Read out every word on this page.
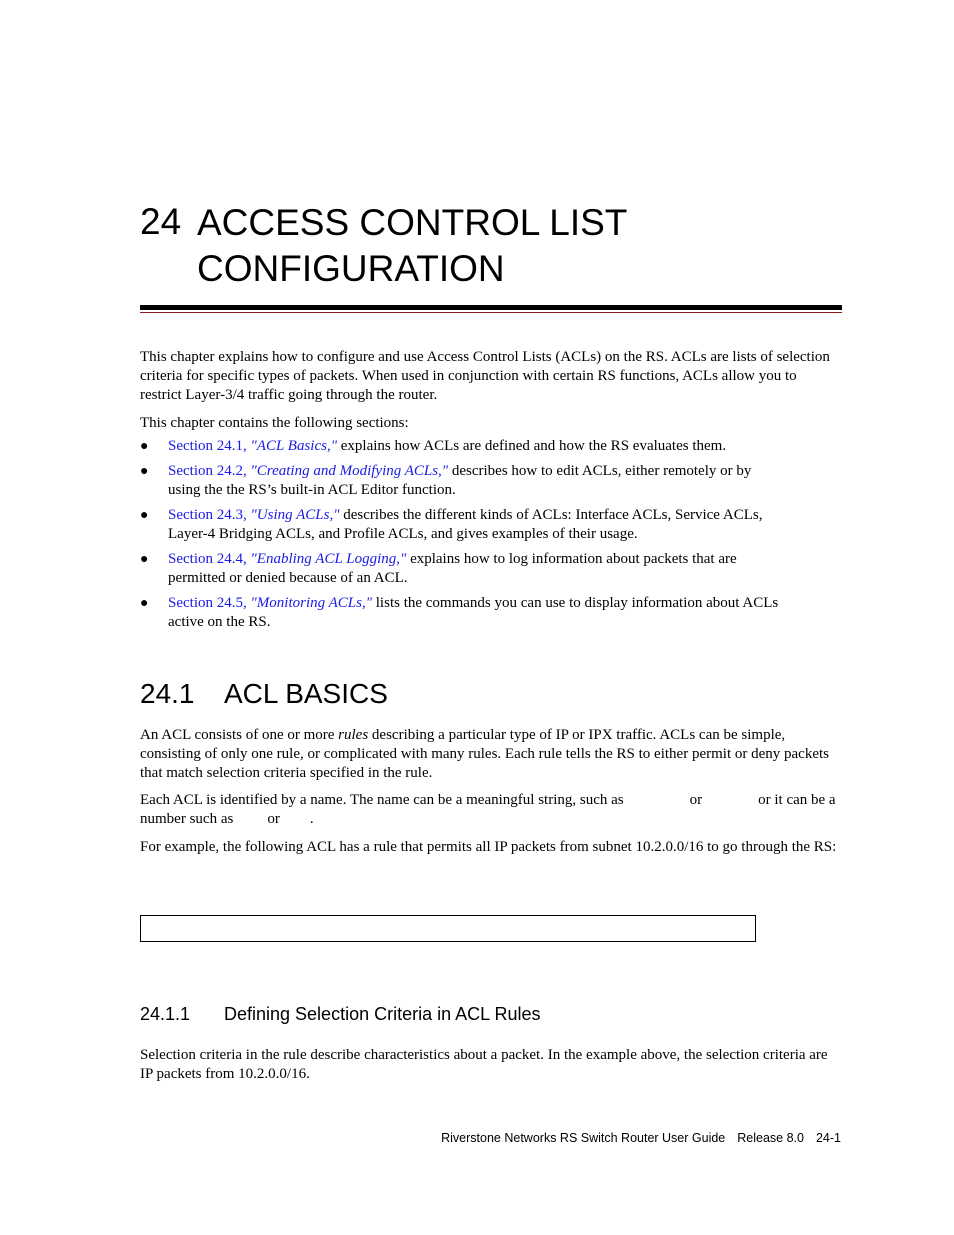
24 ACCESS CONTROL LIST
CONFIGURATION

This chapter explains how to configure and use Access Control Lists (ACLs) on the RS. ACLs are lists of selection criteria for specific types of packets. When used in conjunction with certain RS functions, ACLs allow you to restrict Layer-3/4 traffic going through the router.

This chapter contains the following sections:

● Section 24.1, "ACL Basics," explains how ACLs are defined and how the RS evaluates them.
● Section 24.2, "Creating and Modifying ACLs," describes how to edit ACLs, either remotely or by using the the RS’s built-in ACL Editor function.
● Section 24.3, "Using ACLs," describes the different kinds of ACLs: Interface ACLs, Service ACLs, Layer-4 Bridging ACLs, and Profile ACLs, and gives examples of their usage.
● Section 24.4, "Enabling ACL Logging," explains how to log information about packets that are permitted or denied because of an ACL.
● Section 24.5, "Monitoring ACLs," lists the commands you can use to display information about ACLs active on the RS.
24.1 ACL BASICS

An ACL consists of one or more rules describing a particular type of IP or IPX traffic. ACLs can be simple, consisting of only one rule, or complicated with many rules. Each rule tells the RS to either permit or deny packets that match selection criteria specified in the rule.

Each ACL is identified by a name. The name can be a meaningful string, such as	or	or it can be a number such as or .

For example, the following ACL has a rule that permits all IP packets from subnet 10.2.0.0/16 to go through the RS:

24.1.1 Defining Selection Criteria in ACL Rules

Selection criteria in the rule describe characteristics about a packet. In the example above, the selection criteria are IP packets from 10.2.0.0/16.

Riverstone Networks RS Switch Router User Guide Release 8.0 24-1
